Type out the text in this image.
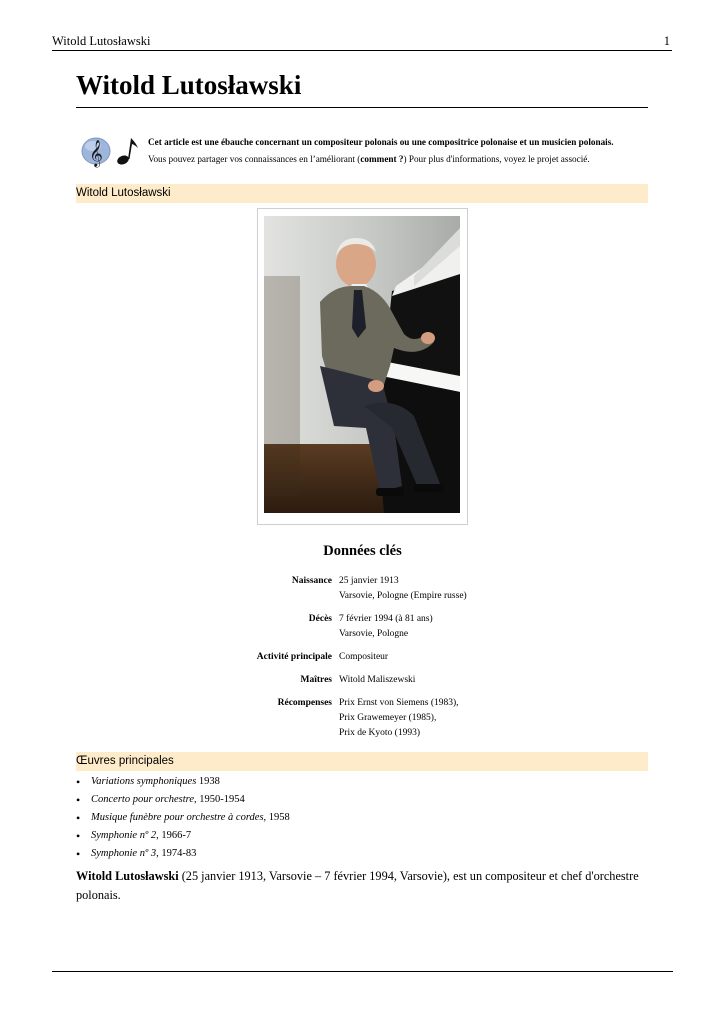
Witold Lutosławski	1
Witold Lutosławski
𝄞	Cet article est une ébauche concernant un compositeur polonais ou une compositrice polonaise et un musicien polonais.
Vous pouvez partager vos connaissances en l’améliorant (comment ?) Pour plus d'informations, voyez le projet associé.
Witold Lutosławski
Données clés
Naissance 25 janvier 1913
Varsovie, Pologne (Empire russe)
Décès 7 février 1994 (à 81 ans)
Varsovie, Pologne
Activité principale Compositeur
Maîtres Witold Maliszewski
Récompenses Prix Ernst von Siemens (1983),
Prix Grawemeyer (1985),
Prix de Kyoto (1993)
Œuvres principales
• Variations symphoniques 1938
• Concerto pour orchestre, 1950-1954
• Musique funèbre pour orchestre à cordes, 1958
• Symphonie nº 2, 1966-7
• Symphonie nº 3, 1974-83

Witold Lutosławski (25 janvier 1913, Varsovie – 7 février 1994, Varsovie), est un compositeur et chef d'orchestre polonais.
